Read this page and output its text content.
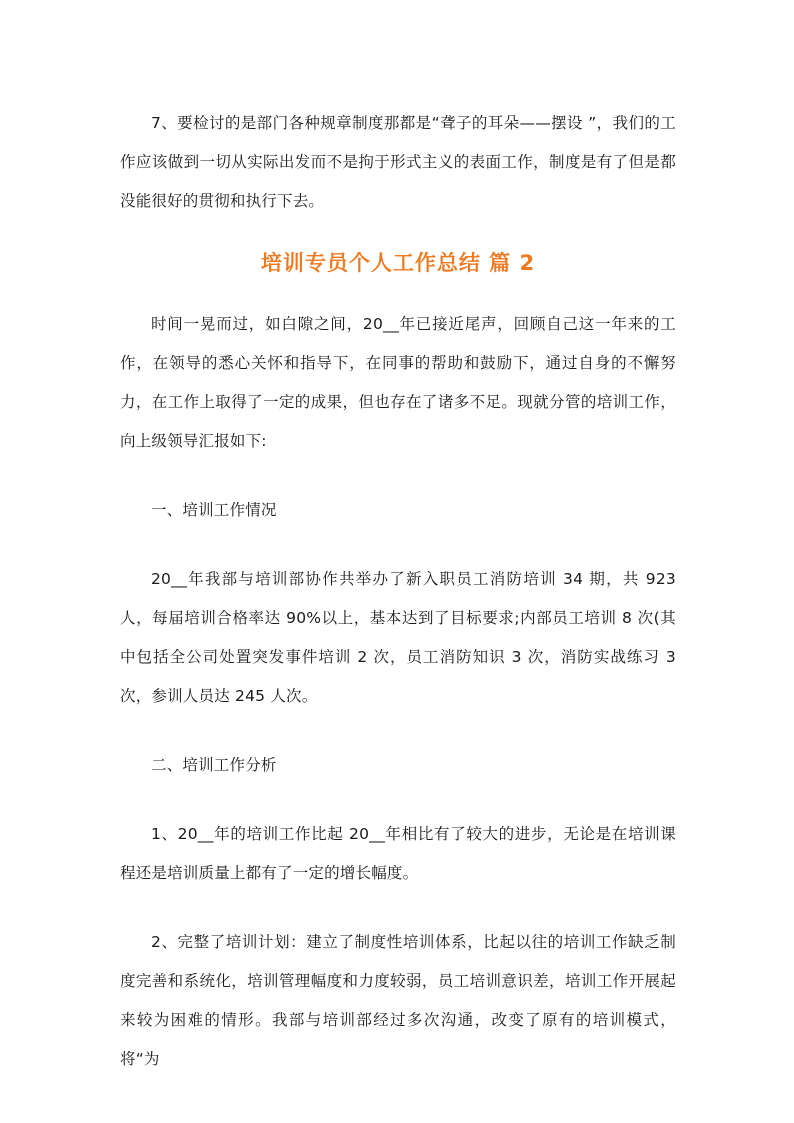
7、要检讨的是部门各种规章制度那都是“聋子的耳朵——摆设 ”，我们的工作应该做到一切从实际出发而不是拘于形式主义的表面工作，制度是有了但是都没能很好的贯彻和执行下去。

培训专员个人工作总结 篇 2

时间一晃而过，如白隙之间，20__年已接近尾声，回顾自己这一年来的工作，在领导的悉心关怀和指导下，在同事的帮助和鼓励下，通过自身的不懈努力，在工作上取得了一定的成果，但也存在了诸多不足。现就分管的培训工作，向上级领导汇报如下:

一、培训工作情况

20__年我部与培训部协作共举办了新入职员工消防培训 34 期，共 923 人，每届培训合格率达 90%以上，基本达到了目标要求;内部员工培训 8 次(其中包括全公司处置突发事件培训 2 次，员工消防知识 3 次，消防实战练习 3 次，参训人员达 245 人次。

二、培训工作分析

1、20__年的培训工作比起 20__年相比有了较大的进步，无论是在培训课程还是培训质量上都有了一定的增长幅度。

2、完整了培训计划：建立了制度性培训体系，比起以往的培训工作缺乏制度完善和系统化，培训管理幅度和力度较弱，员工培训意识差，培训工作开展起来较为困难的情形。我部与培训部经过多次沟通，改变了原有的培训模式，将“为
